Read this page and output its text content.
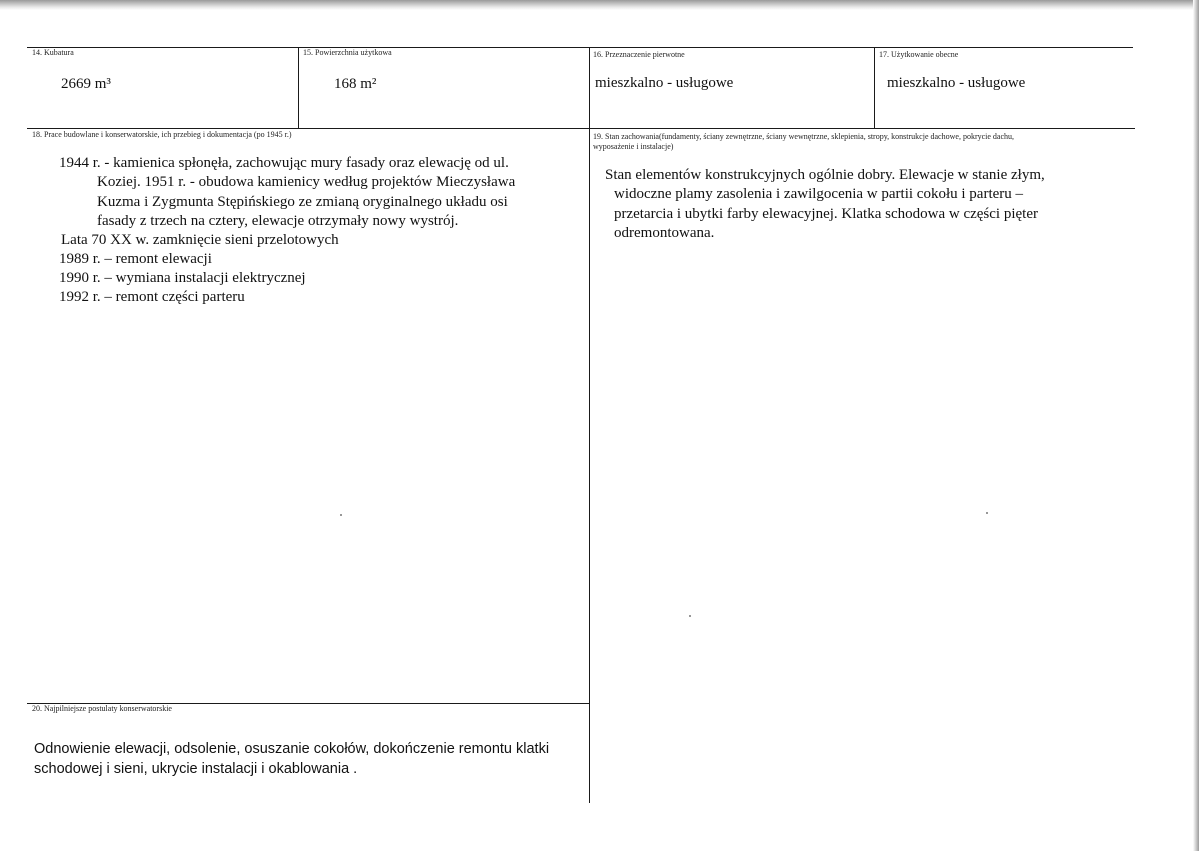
14. Kubatura
2669 m³
15. Powierzchnia użytkowa
168 m²
16. Przeznaczenie pierwotne
mieszkalno - usługowe
17. Użytkowanie obecne
mieszkalno - usługowe
18. Prace budowlane i konserwatorskie, ich przebieg i dokumentacja (po 1945 r.)
1944 r. - kamienica spłonęła, zachowując mury fasady oraz elewację od ul.
Koziej. 1951 r. - obudowa kamienicy według projektów Mieczysława
Kuzma i Zygmunta Stępińskiego ze zmianą oryginalnego układu osi
fasady z trzech na cztery, elewacje otrzymały nowy wystrój.
Lata 70 XX w. zamknięcie sieni przelotowych
1989 r. – remont elewacji
1990 r. – wymiana instalacji elektrycznej
1992 r. – remont części parteru
19. Stan zachowania(fundamenty, ściany zewnętrzne, ściany wewnętrzne, sklepienia, stropy, konstrukcje dachowe, pokrycie dachu,
wyposażenie i instalacje)
Stan elementów konstrukcyjnych ogólnie dobry. Elewacje w stanie złym,
widoczne plamy zasolenia i zawilgocenia w partii cokołu i parteru –
przetarcia i ubytki farby elewacyjnej. Klatka schodowa w części pięter
odremontowana.
20. Najpilniejsze postulaty konserwatorskie
Odnowienie elewacji, odsolenie, osuszanie cokołów, dokończenie remontu klatki
schodowej i sieni, ukrycie instalacji i okablowania .
